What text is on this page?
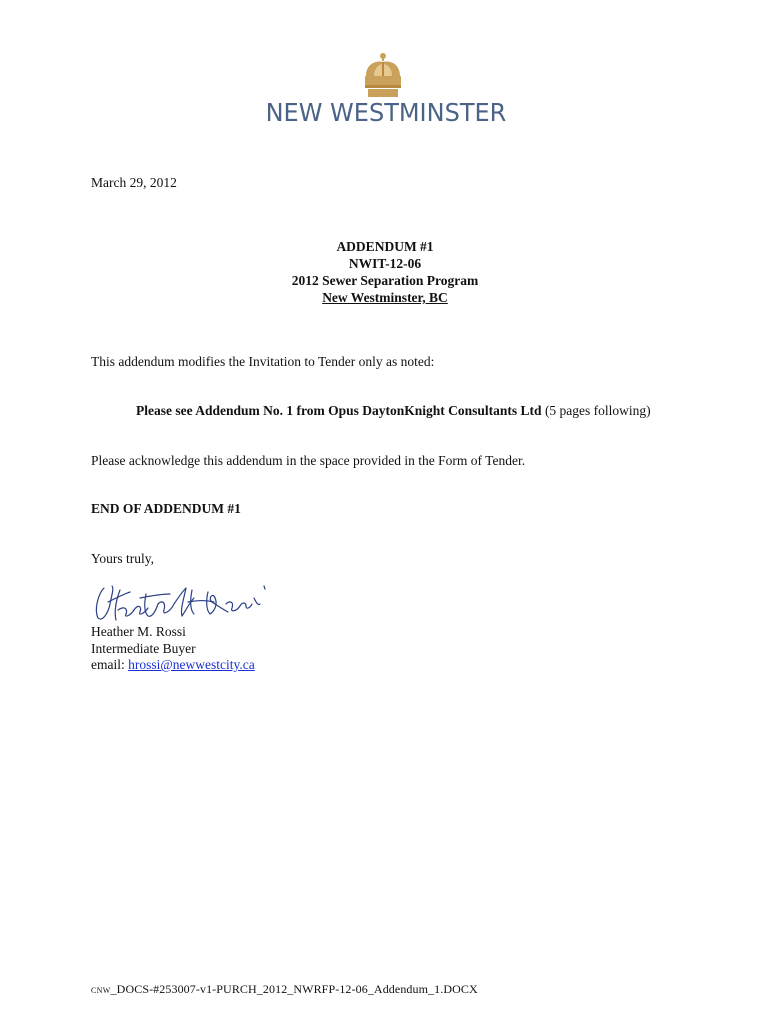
NEW WESTMINSTER
March 29, 2012
ADDENDUM #1
NWIT-12-06
2012 Sewer Separation Program
New Westminster, BC
This addendum modifies the Invitation to Tender only as noted:
Please see Addendum No. 1 from Opus DaytonKnight Consultants Ltd (5 pages following)
Please acknowledge this addendum in the space provided in the Form of Tender.
END OF ADDENDUM #1
Yours truly,
Heather M. Rossi
Intermediate Buyer
email: hrossi@newwestcity.ca
CNW_DOCS-#253007-v1-PURCH_2012_NWRFP-12-06_Addendum_1.DOCX
